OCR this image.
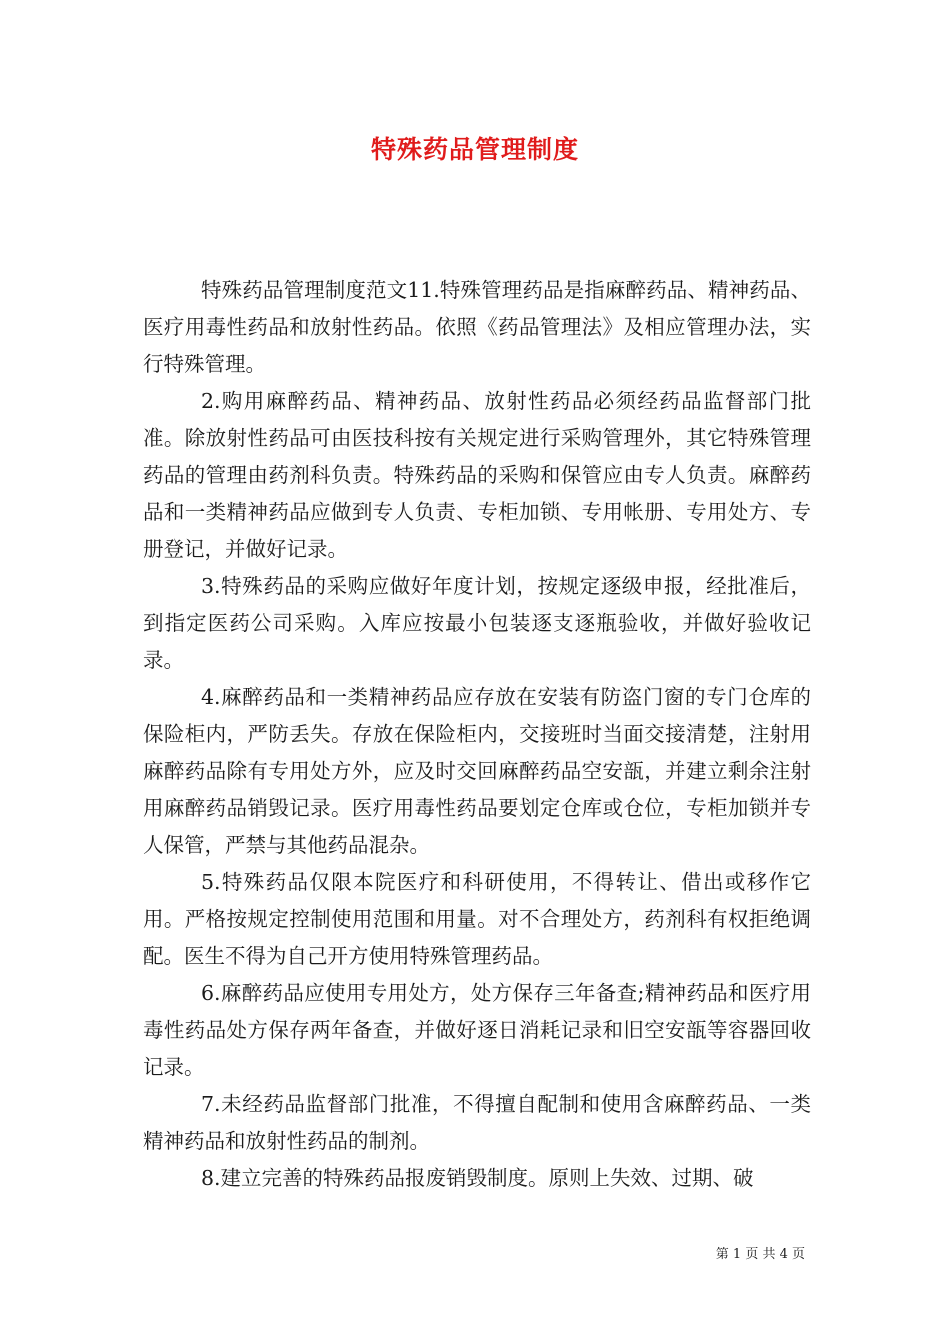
特殊药品管理制度

特殊药品管理制度范文11.特殊管理药品是指麻醉药品、精神药品、医疗用毒性药品和放射性药品。依照《药品管理法》及相应管理办法，实行特殊管理。

2.购用麻醉药品、精神药品、放射性药品必须经药品监督部门批准。除放射性药品可由医技科按有关规定进行采购管理外，其它特殊管理药品的管理由药剂科负责。特殊药品的采购和保管应由专人负责。麻醉药品和一类精神药品应做到专人负责、专柜加锁、专用帐册、专用处方、专册登记，并做好记录。

3.特殊药品的采购应做好年度计划，按规定逐级申报，经批准后，到指定医药公司采购。入库应按最小包装逐支逐瓶验收，并做好验收记录。

4.麻醉药品和一类精神药品应存放在安装有防盗门窗的专门仓库的保险柜内，严防丢失。存放在保险柜内，交接班时当面交接清楚，注射用麻醉药品除有专用处方外，应及时交回麻醉药品空安瓿，并建立剩余注射用麻醉药品销毁记录。医疗用毒性药品要划定仓库或仓位，专柜加锁并专人保管，严禁与其他药品混杂。

5.特殊药品仅限本院医疗和科研使用，不得转让、借出或移作它用。严格按规定控制使用范围和用量。对不合理处方，药剂科有权拒绝调配。医生不得为自己开方使用特殊管理药品。

6.麻醉药品应使用专用处方，处方保存三年备查;精神药品和医疗用毒性药品处方保存两年备查，并做好逐日消耗记录和旧空安瓿等容器回收记录。

7.未经药品监督部门批准，不得擅自配制和使用含麻醉药品、一类精神药品和放射性药品的制剂。

8.建立完善的特殊药品报废销毁制度。原则上失效、过期、破

第 1 页 共 4 页
